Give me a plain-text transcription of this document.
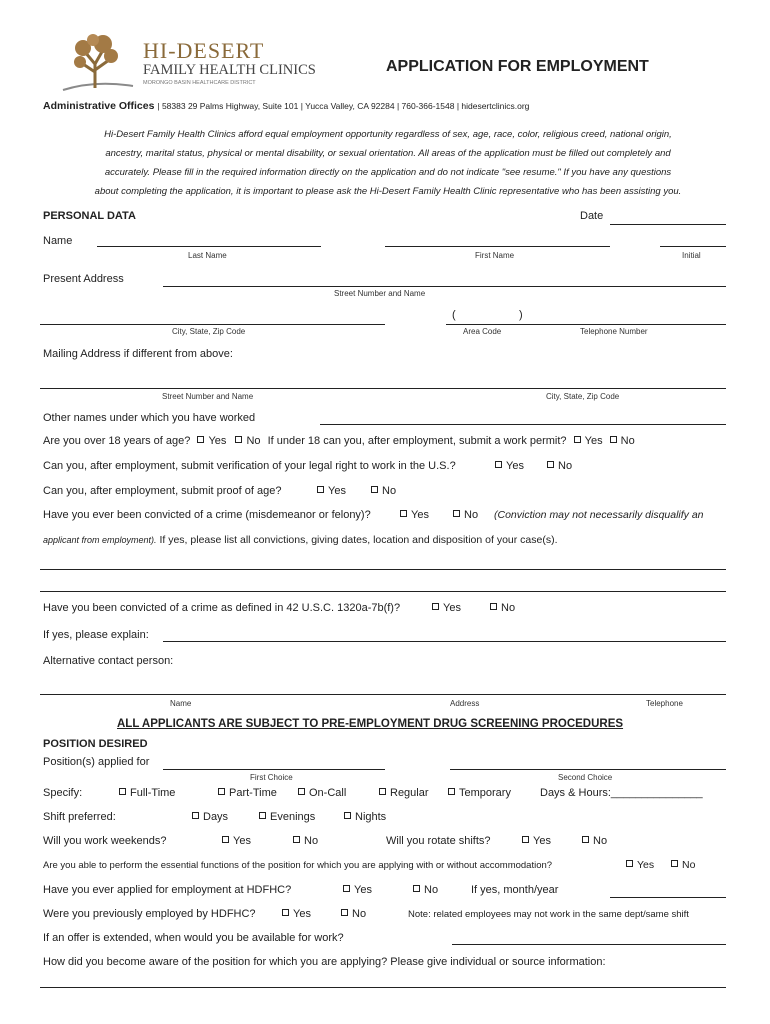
HI-DESERT
FAMILY HEALTH CLINICS
MORONGO BASIN HEALTHCARE DISTRICT
APPLICATION FOR EMPLOYMENT
Administrative Offices | 58383 29 Palms Highway, Suite 101 | Yucca Valley, CA 92284 | 760-366-1548 | hidesertclinics.org
Hi-Desert Family Health Clinics afford equal employment opportunity regardless of sex, age, race, color, religious creed, national origin,
ancestry, marital status, physical or mental disability, or sexual orientation. All areas of the application must be filled out completely and
accurately. Please fill in the required information directly on the application and do not indicate "see resume." If you have any questions
about completing the application, it is important to please ask the Hi-Desert Family Health Clinic representative who has been assisting you.
PERSONAL DATA	Date
Name
Last Name	First Name	Initial
Present Address
Street Number and Name
(	)
City, State, Zip Code	Area Code	Telephone Number
Mailing Address if different from above:
Street Number and Name	City, State, Zip Code
Other names under which you have worked
Are you over 18 years of age? Yes No If under 18 can you, after employment, submit a work permit? Yes No
Can you, after employment, submit verification of your legal right to work in the U.S.?	Yes	No
Can you, after employment, submit proof of age?	Yes	No
Have you ever been convicted of a crime (misdemeanor or felony)?	Yes	No (Conviction may not necessarily disqualify an
applicant from employment). If yes, please list all convictions, giving dates, location and disposition of your case(s).
Have you been convicted of a crime as defined in 42 U.S.C. 1320a-7b(f)?	Yes	No
If yes, please explain:
Alternative contact person:
Name	Address	Telephone
ALL APPLICANTS ARE SUBJECT TO PRE-EMPLOYMENT DRUG SCREENING PROCEDURES
POSITION DESIRED
Position(s) applied for
First Choice	Second Choice
Specify:	Full-Time	Part-Time	On-Call	Regular	Temporary	Days & Hours:_______________
Shift preferred:	Days	Evenings	Nights
Will you work weekends?	Yes	No	Will you rotate shifts?	Yes	No
Are you able to perform the essential functions of the position for which you are applying with or without accommodation?	Yes	No
Have you ever applied for employment at HDFHC?	Yes	No	If yes, month/year
Were you previously employed by HDFHC?	Yes	No	Note: related employees may not work in the same dept/same shift
If an offer is extended, when would you be available for work?
How did you become aware of the position for which you are applying? Please give individual or source information:
